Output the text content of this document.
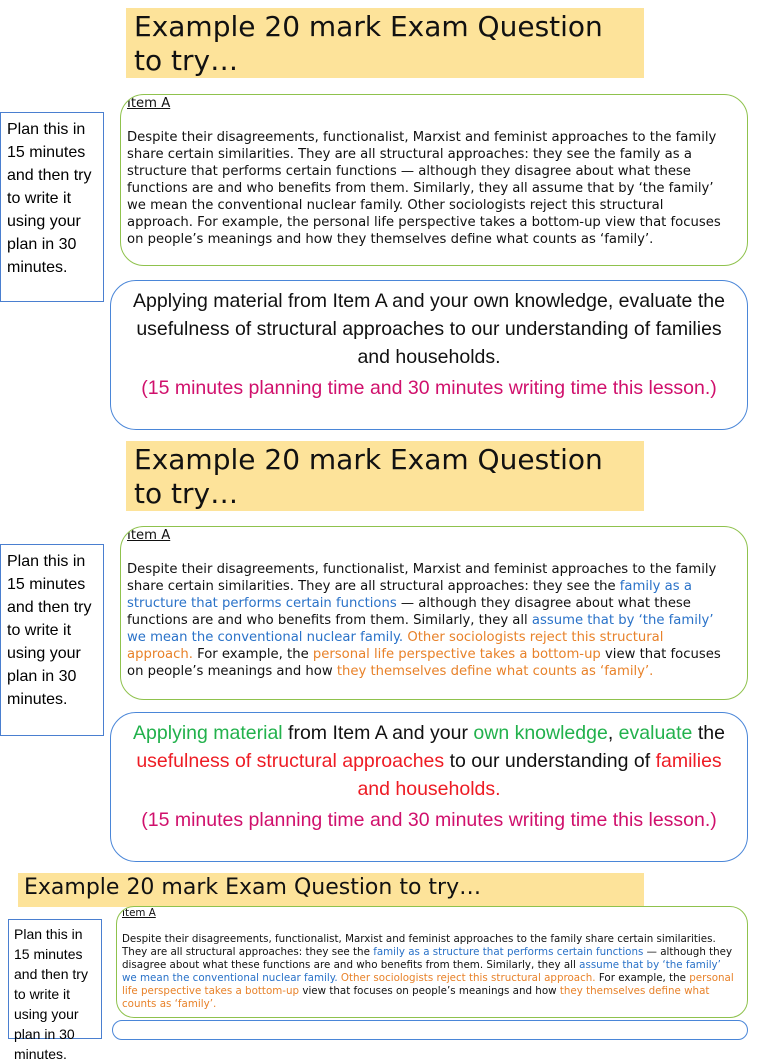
Example 20 mark Exam Question to try…
Plan this in 15 minutes and then try to write it using your plan in 30 minutes.
Item A
Despite their disagreements, functionalist, Marxist and feminist approaches to the family share certain similarities. They are all structural approaches: they see the family as a structure that performs certain functions — although they disagree about what these functions are and who benefits from them. Similarly, they all assume that by ‘the family’ we mean the conventional nuclear family. Other sociologists reject this structural approach. For example, the personal life perspective takes a bottom-up view that focuses on people’s meanings and how they themselves define what counts as ‘family’.
Applying material from Item A and your own knowledge, evaluate the usefulness of structural approaches to our understanding of families and households.
(15 minutes planning time and 30 minutes writing time this lesson.)
Example 20 mark Exam Question to try…
Plan this in 15 minutes and then try to write it using your plan in 30 minutes.
Item A
Despite their disagreements, functionalist, Marxist and feminist approaches to the family share certain similarities. They are all structural approaches: they see the family as a structure that performs certain functions — although they disagree about what these functions are and who benefits from them. Similarly, they all assume that by ‘the family’ we mean the conventional nuclear family. Other sociologists reject this structural approach. For example, the personal life perspective takes a bottom-up view that focuses on people’s meanings and how they themselves define what counts as ‘family’.
Applying material from Item A and your own knowledge, evaluate the usefulness of structural approaches to our understanding of families and households.
(15 minutes planning time and 30 minutes writing time this lesson.)
Example 20 mark Exam Question to try…
Plan this in 15 minutes and then try to write it using your plan in 30 minutes.
Item A
Despite their disagreements, functionalist, Marxist and feminist approaches to the family share certain similarities. They are all structural approaches: they see the family as a structure that performs certain functions — although they disagree about what these functions are and who benefits from them. Similarly, they all assume that by ‘the family’ we mean the conventional nuclear family. Other sociologists reject this structural approach. For example, the personal life perspective takes a bottom-up view that focuses on people’s meanings and how they themselves define what counts as ‘family’.
